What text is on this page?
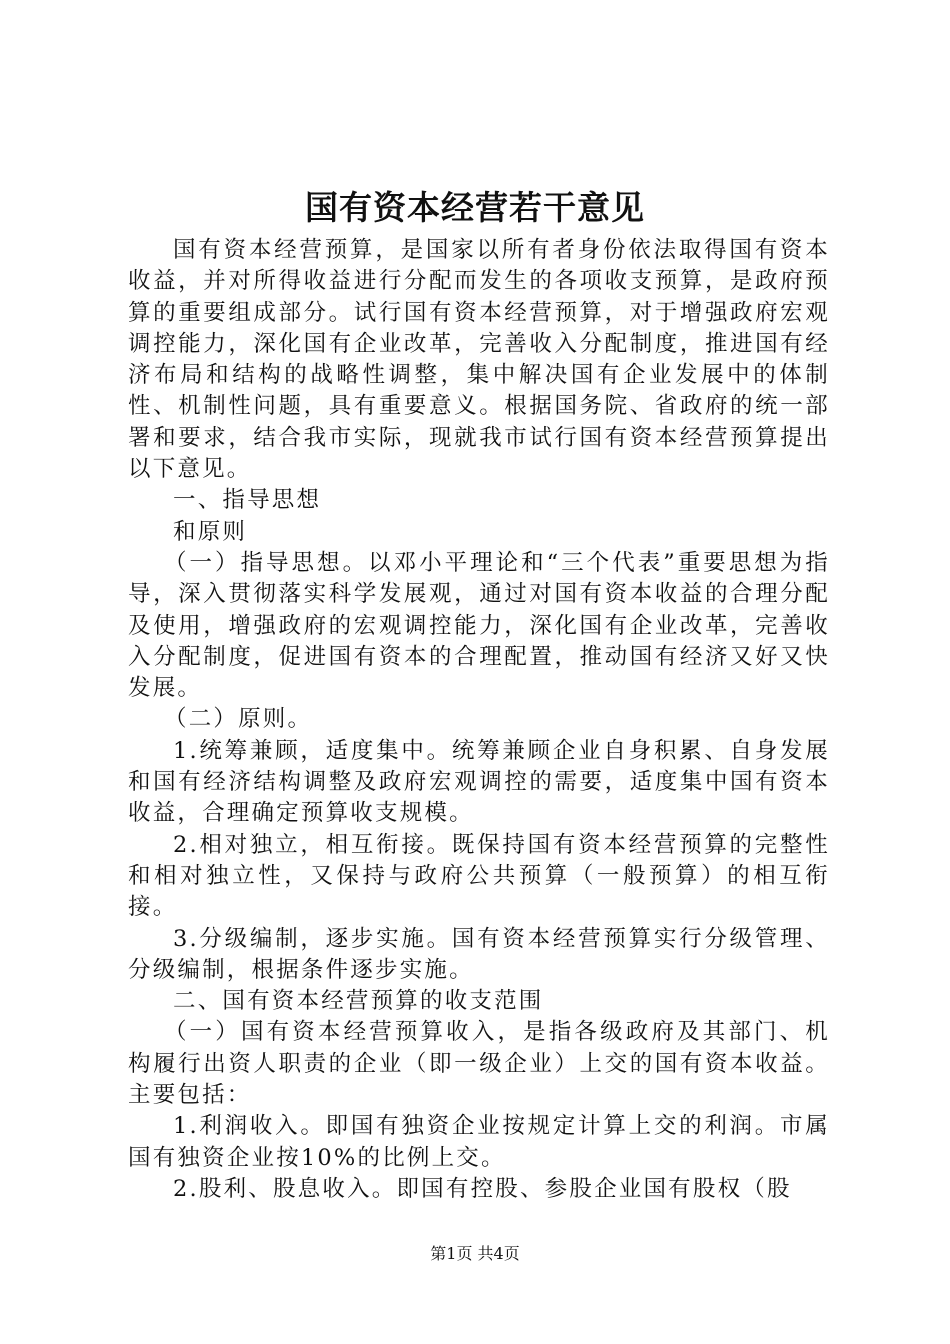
国有资本经营若干意见

国有资本经营预算，是国家以所有者身份依法取得国有资本收益，并对所得收益进行分配而发生的各项收支预算，是政府预算的重要组成部分。试行国有资本经营预算，对于增强政府宏观调控能力，深化国有企业改革，完善收入分配制度，推进国有经济布局和结构的战略性调整，集中解决国有企业发展中的体制性、机制性问题，具有重要意义。根据国务院、省政府的统一部署和要求，结合我市实际，现就我市试行国有资本经营预算提出以下意见。

一、指导思想

和原则

（一）指导思想。以邓小平理论和“三个代表”重要思想为指导，深入贯彻落实科学发展观，通过对国有资本收益的合理分配及使用，增强政府的宏观调控能力，深化国有企业改革，完善收入分配制度，促进国有资本的合理配置，推动国有经济又好又快发展。

（二）原则。

1.统筹兼顾，适度集中。统筹兼顾企业自身积累、自身发展和国有经济结构调整及政府宏观调控的需要，适度集中国有资本收益，合理确定预算收支规模。

2.相对独立，相互衔接。既保持国有资本经营预算的完整性和相对独立性，又保持与政府公共预算（一般预算）的相互衔接。

3.分级编制，逐步实施。国有资本经营预算实行分级管理、分级编制，根据条件逐步实施。

二、国有资本经营预算的收支范围

（一）国有资本经营预算收入，是指各级政府及其部门、机构履行出资人职责的企业（即一级企业）上交的国有资本收益。主要包括：

1.利润收入。即国有独资企业按规定计算上交的利润。市属国有独资企业按10%的比例上交。

2.股利、股息收入。即国有控股、参股企业国有股权（股

第1页 共4页
